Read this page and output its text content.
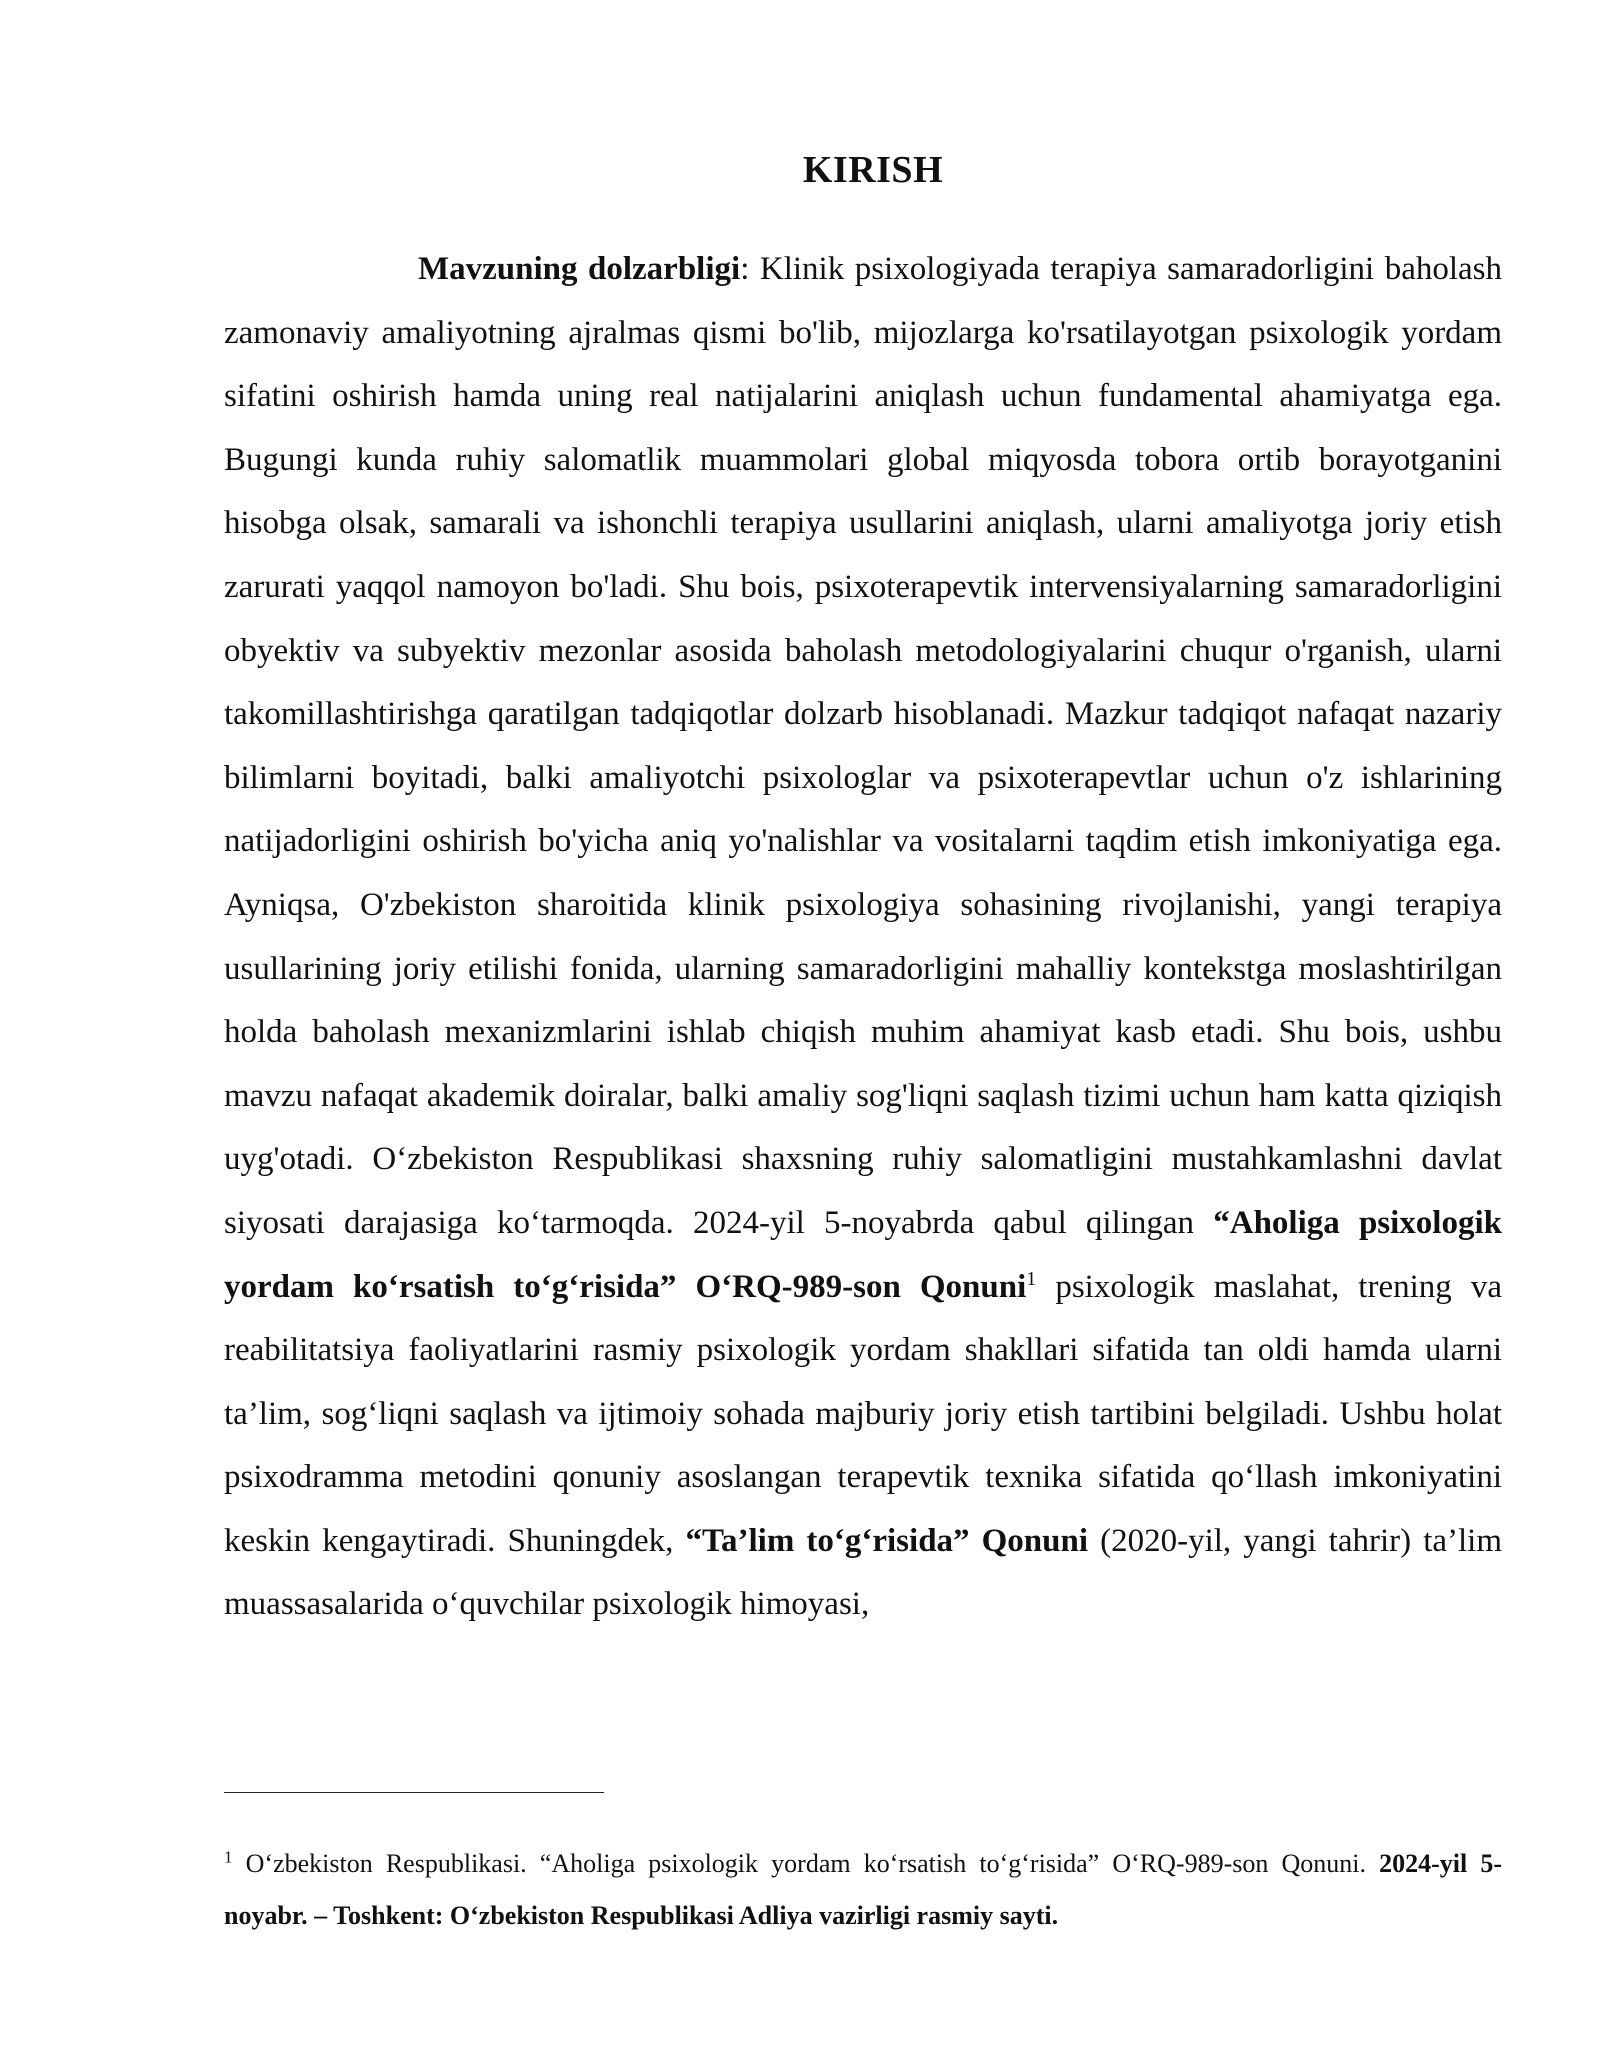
KIRISH

Mavzuning dolzarbligi: Klinik psixologiyada terapiya samaradorligini baholash zamonaviy amaliyotning ajralmas qismi bo'lib, mijozlarga ko'rsatilayotgan psixologik yordam sifatini oshirish hamda uning real natijalarini aniqlash uchun fundamental ahamiyatga ega. Bugungi kunda ruhiy salomatlik muammolari global miqyosda tobora ortib borayotganini hisobga olsak, samarali va ishonchli terapiya usullarini aniqlash, ularni amaliyotga joriy etish zarurati yaqqol namoyon bo'ladi. Shu bois, psixoterapevtik intervensiyalarning samaradorligini obyektiv va subyektiv mezonlar asosida baholash metodologiyalarini chuqur o'rganish, ularni takomillashtirishga qaratilgan tadqiqotlar dolzarb hisoblanadi. Mazkur tadqiqot nafaqat nazariy bilimlarni boyitadi, balki amaliyotchi psixologlar va psixoterapevtlar uchun o'z ishlarining natijadorligini oshirish bo'yicha aniq yo'nalishlar va vositalarni taqdim etish imkoniyatiga ega. Ayniqsa, O'zbekiston sharoitida klinik psixologiya sohasining rivojlanishi, yangi terapiya usullarining joriy etilishi fonida, ularning samaradorligini mahalliy kontekstga moslashtirilgan holda baholash mexanizmlarini ishlab chiqish muhim ahamiyat kasb etadi. Shu bois, ushbu mavzu nafaqat akademik doiralar, balki amaliy sog'liqni saqlash tizimi uchun ham katta qiziqish uyg'otadi. O‘zbekiston Respublikasi shaxsning ruhiy salomatligini mustahkamlashni davlat siyosati darajasiga ko‘tarmoqda. 2024-yil 5-noyabrda qabul qilingan “Aholiga psixologik yordam ko‘rsatish to‘g‘risida” O‘RQ-989-son Qonuni$^1$ psixologik maslahat, trening va reabilitatsiya faoliyatlarini rasmiy psixologik yordam shakllari sifatida tan oldi hamda ularni ta’lim, sog‘liqni saqlash va ijtimoiy sohada majburiy joriy etish tartibini belgiladi. Ushbu holat psixodramma metodini qonuniy asoslangan terapevtik texnika sifatida qo‘llash imkoniyatini keskin kengaytiradi. Shuningdek, “Ta’lim to‘g‘risida” Qonuni (2020-yil, yangi tahrir) ta’lim muassasalarida o‘quvchilar psixologik himoyasi,

$^1$ O‘zbekiston Respublikasi. “Aholiga psixologik yordam ko‘rsatish to‘g‘risida” O‘RQ-989-son Qonuni. 2024-yil 5-noyabr. – Toshkent: O‘zbekiston Respublikasi Adliya vazirligi rasmiy sayti.
